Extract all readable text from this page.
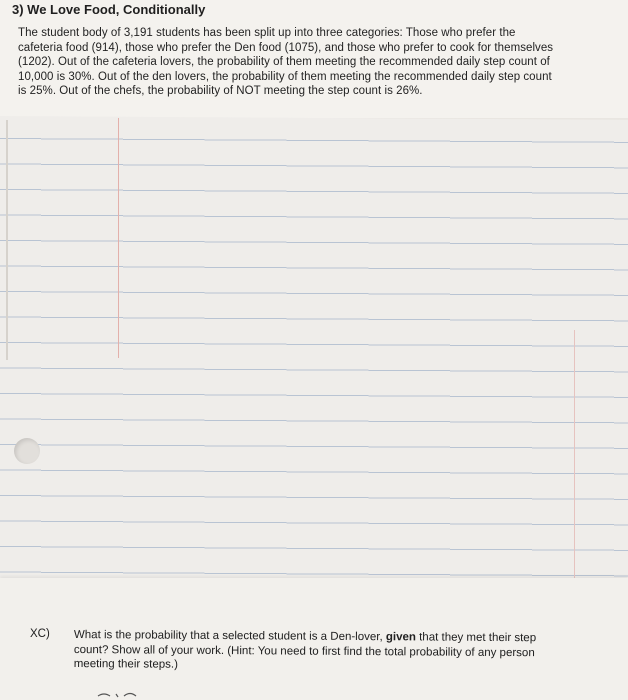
3) We Love Food, Conditionally
The student body of 3,191 students has been split up into three categories: Those who prefer the
cafeteria food (914), those who prefer the Den food (1075), and those who prefer to cook for themselves
(1202). Out of the cafeteria lovers, the probability of them meeting the recommended daily step count of
10,000 is 30%. Out of the den lovers, the probability of them meeting the recommended daily step count
is 25%. Out of the chefs, the probability of NOT meeting the step count is 26%.
XC) What is the probability that a selected student is a Den-lover, given that they met their step
count? Show all of your work. (Hint: You need to first find the total probability of any person
meeting their steps.)
